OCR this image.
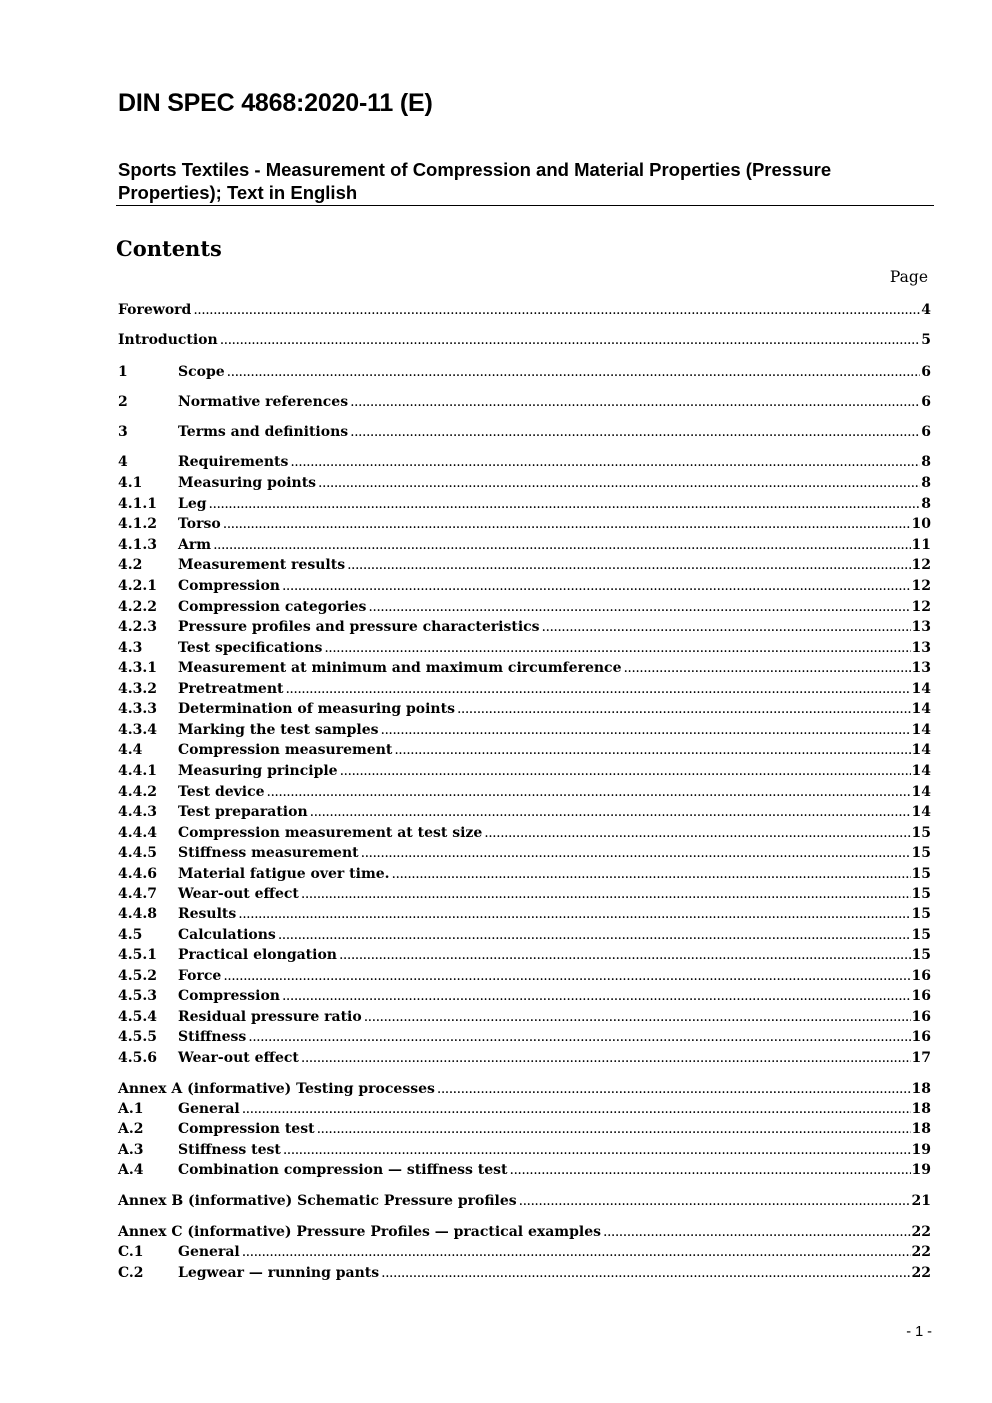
DIN SPEC 4868:2020-11 (E)
Sports Textiles - Measurement of Compression and Material Properties (Pressure Properties); Text in English
Contents
Page
Foreword .....	4
Introduction .....	5
1	Scope .....	6
2	Normative references .....	6
3	Terms and definitions .....	6
4	Requirements .....	8
4.1	Measuring points .....	8
4.1.1	Leg .....	8
4.1.2	Torso .....	10
4.1.3	Arm .....	11
4.2	Measurement results .....	12
4.2.1	Compression .....	12
4.2.2	Compression categories .....	12
4.2.3	Pressure profiles and pressure characteristics .....	13
4.3	Test specifications .....	13
4.3.1	Measurement at minimum and maximum circumference .....	13
4.3.2	Pretreatment .....	14
4.3.3	Determination of measuring points .....	14
4.3.4	Marking the test samples .....	14
4.4	Compression measurement .....	14
4.4.1	Measuring principle .....	14
4.4.2	Test device .....	14
4.4.3	Test preparation .....	14
4.4.4	Compression measurement at test size .....	15
4.4.5	Stiffness measurement .....	15
4.4.6	Material fatigue over time. .....	15
4.4.7	Wear-out effect .....	15
4.4.8	Results .....	15
4.5	Calculations .....	15
4.5.1	Practical elongation .....	15
4.5.2	Force .....	16
4.5.3	Compression .....	16
4.5.4	Residual pressure ratio .....	16
4.5.5	Stiffness .....	16
4.5.6	Wear-out effect .....	17
Annex A (informative) Testing processes .....	18
A.1	General .....	18
A.2	Compression test .....	18
A.3	Stiffness test .....	19
A.4	Combination compression — stiffness test .....	19
Annex B (informative) Schematic Pressure profiles .....	21
Annex C (informative) Pressure Profiles — practical examples .....	22
C.1	General .....	22
C.2	Legwear — running pants .....	22
- 1 -
